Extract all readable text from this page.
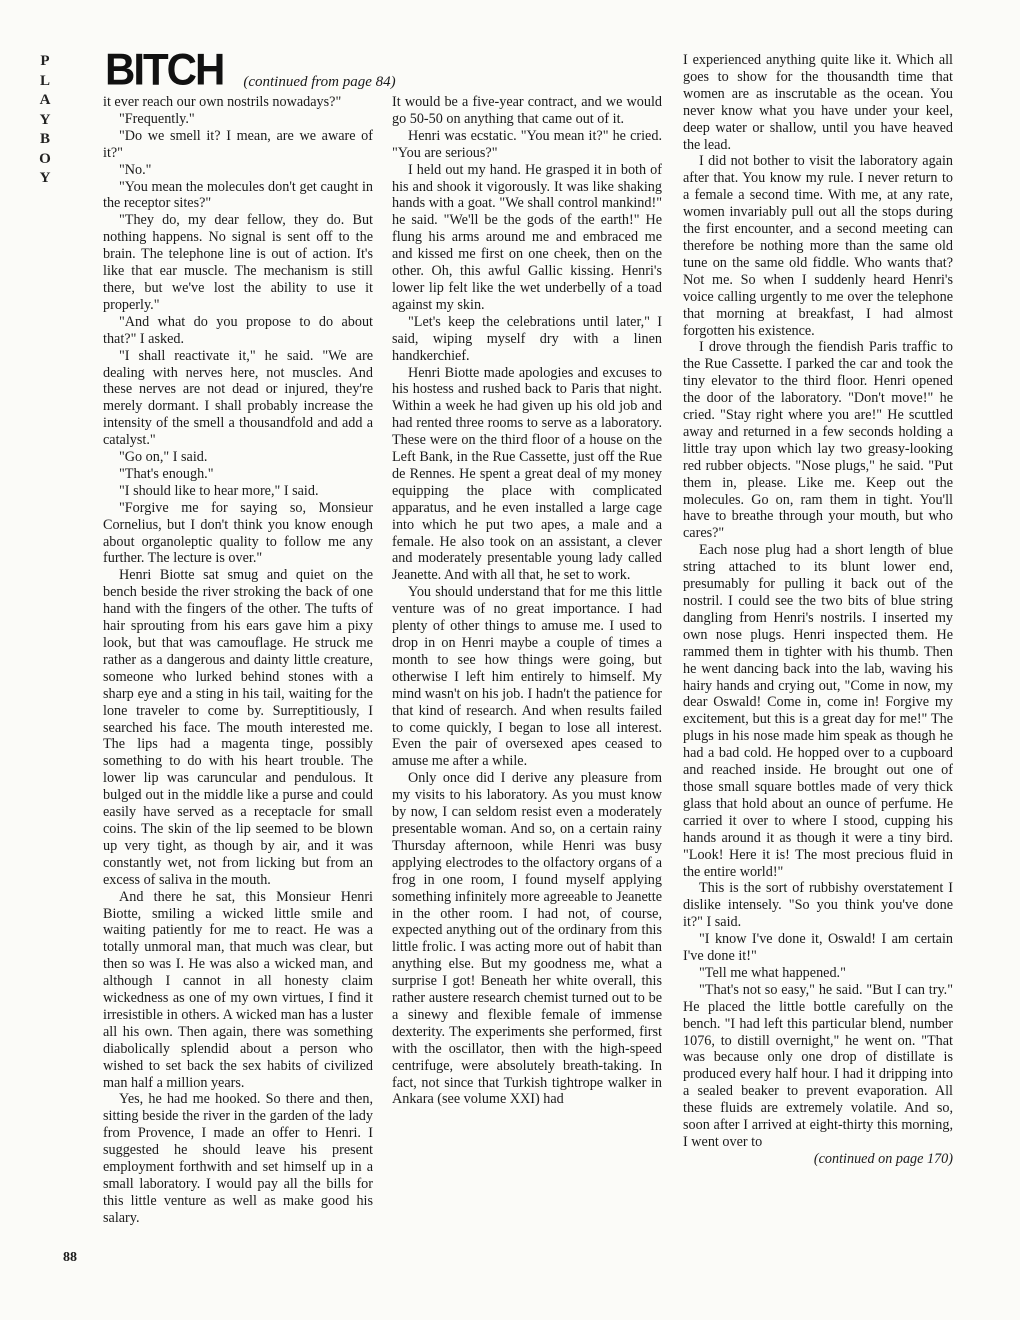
P
L
A
Y
B
O
Y
BITCH (continued from page 84)

it ever reach our own nostrils nowadays?"

"Frequently."

"Do we smell it? I mean, are we aware of it?"

"No."

"You mean the molecules don't get caught in the receptor sites?"

"They do, my dear fellow, they do. But nothing happens. No signal is sent off to the brain. The telephone line is out of action. It's like that ear muscle. The mechanism is still there, but we've lost the ability to use it properly."

"And what do you propose to do about that?" I asked.

"I shall reactivate it," he said. "We are dealing with nerves here, not muscles. And these nerves are not dead or injured, they're merely dormant. I shall probably increase the intensity of the smell a thousandfold and add a catalyst."

"Go on," I said.

"That's enough."

"I should like to hear more," I said.

"Forgive me for saying so, Monsieur Cornelius, but I don't think you know enough about organoleptic quality to follow me any further. The lecture is over."

Henri Biotte sat smug and quiet on the bench beside the river stroking the back of one hand with the fingers of the other. The tufts of hair sprouting from his ears gave him a pixy look, but that was camouflage. He struck me rather as a dangerous and dainty little creature, someone who lurked behind stones with a sharp eye and a sting in his tail, waiting for the lone traveler to come by. Surreptitiously, I searched his face. The mouth interested me. The lips had a magenta tinge, possibly something to do with his heart trouble. The lower lip was caruncular and pendulous. It bulged out in the middle like a purse and could easily have served as a receptacle for small coins. The skin of the lip seemed to be blown up very tight, as though by air, and it was constantly wet, not from licking but from an excess of saliva in the mouth.

And there he sat, this Monsieur Henri Biotte, smiling a wicked little smile and waiting patiently for me to react. He was a totally unmoral man, that much was clear, but then so was I. He was also a wicked man, and although I cannot in all honesty claim wickedness as one of my own virtues, I find it irresistible in others. A wicked man has a luster all his own. Then again, there was something diabolically splendid about a person who wished to set back the sex habits of civilized man half a million years.

Yes, he had me hooked. So there and then, sitting beside the river in the garden of the lady from Provence, I made an offer to Henri. I suggested he should leave his present employment forthwith and set himself up in a small laboratory. I would pay all the bills for this little venture as well as make good his salary.

It would be a five-year contract, and we would go 50-50 on anything that came out of it.

Henri was ecstatic. "You mean it?" he cried. "You are serious?"

I held out my hand. He grasped it in both of his and shook it vigorously. It was like shaking hands with a goat. "We shall control mankind!" he said. "We'll be the gods of the earth!" He flung his arms around me and embraced me and kissed me first on one cheek, then on the other. Oh, this awful Gallic kissing. Henri's lower lip felt like the wet underbelly of a toad against my skin.

"Let's keep the celebrations until later," I said, wiping myself dry with a linen handkerchief.

Henri Biotte made apologies and excuses to his hostess and rushed back to Paris that night. Within a week he had given up his old job and had rented three rooms to serve as a laboratory. These were on the third floor of a house on the Left Bank, in the Rue Cassette, just off the Rue de Rennes. He spent a great deal of my money equipping the place with complicated apparatus, and he even installed a large cage into which he put two apes, a male and a female. He also took on an assistant, a clever and moderately presentable young lady called Jeanette. And with all that, he set to work.

You should understand that for me this little venture was of no great importance. I had plenty of other things to amuse me. I used to drop in on Henri maybe a couple of times a month to see how things were going, but otherwise I left him entirely to himself. My mind wasn't on his job. I hadn't the patience for that kind of research. And when results failed to come quickly, I began to lose all interest. Even the pair of oversexed apes ceased to amuse me after a while.

Only once did I derive any pleasure from my visits to his laboratory. As you must know by now, I can seldom resist even a moderately presentable woman. And so, on a certain rainy Thursday afternoon, while Henri was busy applying electrodes to the olfactory organs of a frog in one room, I found myself applying something infinitely more agreeable to Jeanette in the other room. I had not, of course, expected anything out of the ordinary from this little frolic. I was acting more out of habit than anything else. But my goodness me, what a surprise I got! Beneath her white overall, this rather austere research chemist turned out to be a sinewy and flexible female of immense dexterity. The experiments she performed, first with the oscillator, then with the high-speed centrifuge, were absolutely breath-taking. In fact, not since that Turkish tightrope walker in Ankara (see volume XXI) had

I experienced anything quite like it. Which all goes to show for the thousandth time that women are as inscrutable as the ocean. You never know what you have under your keel, deep water or shallow, until you have heaved the lead.

I did not bother to visit the laboratory again after that. You know my rule. I never return to a female a second time. With me, at any rate, women invariably pull out all the stops during the first encounter, and a second meeting can therefore be nothing more than the same old tune on the same old fiddle. Who wants that? Not me. So when I suddenly heard Henri's voice calling urgently to me over the telephone that morning at breakfast, I had almost forgotten his existence.

I drove through the fiendish Paris traffic to the Rue Cassette. I parked the car and took the tiny elevator to the third floor. Henri opened the door of the laboratory. "Don't move!" he cried. "Stay right where you are!" He scuttled away and returned in a few seconds holding a little tray upon which lay two greasy-looking red rubber objects. "Nose plugs," he said. "Put them in, please. Like me. Keep out the molecules. Go on, ram them in tight. You'll have to breathe through your mouth, but who cares?"

Each nose plug had a short length of blue string attached to its blunt lower end, presumably for pulling it back out of the nostril. I could see the two bits of blue string dangling from Henri's nostrils. I inserted my own nose plugs. Henri inspected them. He rammed them in tighter with his thumb. Then he went dancing back into the lab, waving his hairy hands and crying out, "Come in now, my dear Oswald! Come in, come in! Forgive my excitement, but this is a great day for me!" The plugs in his nose made him speak as though he had a bad cold. He hopped over to a cupboard and reached inside. He brought out one of those small square bottles made of very thick glass that hold about an ounce of perfume. He carried it over to where I stood, cupping his hands around it as though it were a tiny bird. "Look! Here it is! The most precious fluid in the entire world!"

This is the sort of rubbishy overstatement I dislike intensely. "So you think you've done it?" I said.

"I know I've done it, Oswald! I am certain I've done it!"

"Tell me what happened."

"That's not so easy," he said. "But I can try." He placed the little bottle carefully on the bench. "I had left this particular blend, number 1076, to distill overnight," he went on. "That was because only one drop of distillate is produced every half hour. I had it dripping into a sealed beaker to prevent evaporation. All these fluids are extremely volatile. And so, soon after I arrived at eight-thirty this morning, I went over to

(continued on page 170)

88
